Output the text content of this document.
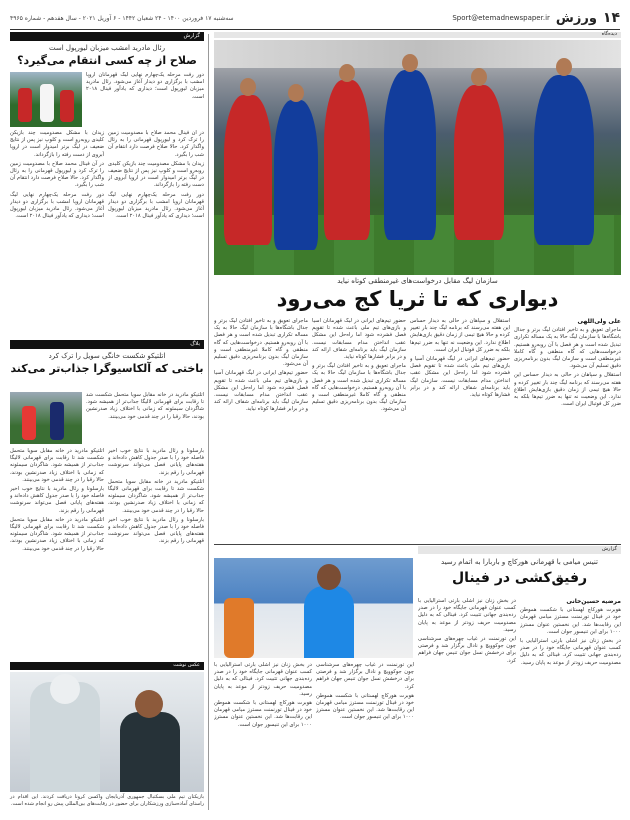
۱۴
ورزش
Sport@etemadnewspaper.ir
سه‌شنبه ۱۷ فروردین ۱۴۰۰ - ۲۴ شعبان ۱۴۴۲ - ۶ آوریل ۲۰۲۱ - سال هفدهم - شماره ۴۹۶۵
دیده‌گاه
سازمان لیگ مقابل درخواست‌های غیرمنطقی کوتاه نیاید
دیواری که تا ثریا کج می‌رود
علی ولی‌اللهی

ماجرای تعویق و به تاخیر افتادن لیگ برتر و جدال باشگاه‌ها با سازمان لیگ حالا به یک مساله تکراری تبدیل شده است و هر فصل با آن روبه‌رو هستیم. درخواست‌هایی که گاه منطقی و گاه کاملا غیرمنطقی است و سازمان لیگ بدون برنامه‌ریزی دقیق تسلیم آن می‌شود.

استقلال و سپاهان در حالی به دیدار حساس این هفته می‌رسند که برنامه لیگ چند بار تغییر کرده و حالا هیچ تیمی از زمان دقیق بازی‌هایش اطلاع ندارد. این وضعیت نه تنها به ضرر تیم‌ها بلکه به ضرر کل فوتبال ایران است.

استقلال و سپاهان در حالی به دیدار حساس این هفته می‌رسند که برنامه لیگ چند بار تغییر کرده و حالا هیچ تیمی از زمان دقیق بازی‌هایش اطلاع ندارد. این وضعیت نه تنها به ضرر تیم‌ها بلکه به ضرر کل فوتبال ایران است.

حضور تیم‌های ایرانی در لیگ قهرمانان آسیا و بازی‌های تیم ملی باعث شده تا تقویم فصل فشرده شود اما راه‌حل این مشکل عقب انداختن مدام مسابقات نیست. سازمان لیگ باید برنامه‌ای شفاف ارائه کند و در برابر فشارها کوتاه نیاید.

حضور تیم‌های ایرانی در لیگ قهرمانان آسیا و بازی‌های تیم ملی باعث شده تا تقویم فصل فشرده شود اما راه‌حل این مشکل عقب انداختن مدام مسابقات نیست. سازمان لیگ باید برنامه‌ای شفاف ارائه کند و در برابر فشارها کوتاه نیاید.

ماجرای تعویق و به تاخیر افتادن لیگ برتر و جدال باشگاه‌ها با سازمان لیگ حالا به یک مساله تکراری تبدیل شده است و هر فصل با آن روبه‌رو هستیم. درخواست‌هایی که گاه منطقی و گاه کاملا غیرمنطقی است و سازمان لیگ بدون برنامه‌ریزی دقیق تسلیم آن می‌شود.

ماجرای تعویق و به تاخیر افتادن لیگ برتر و جدال باشگاه‌ها با سازمان لیگ حالا به یک مساله تکراری تبدیل شده است و هر فصل با آن روبه‌رو هستیم. درخواست‌هایی که گاه منطقی و گاه کاملا غیرمنطقی است و سازمان لیگ بدون برنامه‌ریزی دقیق تسلیم آن می‌شود.

حضور تیم‌های ایرانی در لیگ قهرمانان آسیا و بازی‌های تیم ملی باعث شده تا تقویم فصل فشرده شود اما راه‌حل این مشکل عقب انداختن مدام مسابقات نیست. سازمان لیگ باید برنامه‌ای شفاف ارائه کند و در برابر فشارها کوتاه نیاید.

گزارش
تنیس میامی با قهرمانی هورکاچ و باربارا به اتمام رسید
رفیق‌کشی در فینال
مرضیه حسین‌خانی

هوبرت هورکاچ لهستانی با شکست هموطن خود در فینال تورنمنت مسترز میامی قهرمان این رقابت‌ها شد. این نخستین عنوان مسترز ۱۰۰۰ برای این تنیسور جوان است.

در بخش زنان نیز اشلی بارتی استرالیایی با کسب عنوان قهرمانی جایگاه خود را در صدر رده‌بندی جهانی تثبیت کرد. فینالی که به دلیل مصدومیت حریف زودتر از موعد به پایان رسید.

در بخش زنان نیز اشلی بارتی استرالیایی با کسب عنوان قهرمانی جایگاه خود را در صدر رده‌بندی جهانی تثبیت کرد. فینالی که به دلیل مصدومیت حریف زودتر از موعد به پایان رسید.

این تورنمنت در غیاب چهره‌های سرشناسی چون جوکوویچ و نادال برگزار شد و فرصتی برای درخشش نسل جوان تنیس جهان فراهم کرد.

این تورنمنت در غیاب چهره‌های سرشناسی چون جوکوویچ و نادال برگزار شد و فرصتی برای درخشش نسل جوان تنیس جهان فراهم کرد.

هوبرت هورکاچ لهستانی با شکست هموطن خود در فینال تورنمنت مسترز میامی قهرمان این رقابت‌ها شد. این نخستین عنوان مسترز ۱۰۰۰ برای این تنیسور جوان است.

در بخش زنان نیز اشلی بارتی استرالیایی با کسب عنوان قهرمانی جایگاه خود را در صدر رده‌بندی جهانی تثبیت کرد. فینالی که به دلیل مصدومیت حریف زودتر از موعد به پایان رسید.

هوبرت هورکاچ لهستانی با شکست هموطن خود در فینال تورنمنت مسترز میامی قهرمان این رقابت‌ها شد. این نخستین عنوان مسترز ۱۰۰۰ برای این تنیسور جوان است.

گزارش
رئال مادرید امشب میزبان لیورپول است
صلاح از چه کسی انتقام می‌گیرد؟

دور رفت مرحله یک‌چهارم نهایی لیگ قهرمانان اروپا امشب با برگزاری دو دیدار آغاز می‌شود. رئال مادرید میزبان لیورپول است؛ دیداری که یادآور فینال ۲۰۱۸ است.

در آن فینال محمد صلاح با مصدومیت زمین را ترک کرد و لیورپول قهرمانی را به رئال واگذار کرد. حالا صلاح فرصت دارد انتقام آن شب را بگیرد.

زیدان با مشکل مصدومیت چند بازیکن کلیدی روبه‌رو است و کلوپ نیز پس از نتایج ضعیف در لیگ برتر امیدوار است در اروپا آبروی از دست رفته را بازگرداند.

دور رفت مرحله یک‌چهارم نهایی لیگ قهرمانان اروپا امشب با برگزاری دو دیدار آغاز می‌شود. رئال مادرید میزبان لیورپول است؛ دیداری که یادآور فینال ۲۰۱۸ است.

زیدان با مشکل مصدومیت چند بازیکن کلیدی روبه‌رو است و کلوپ نیز پس از نتایج ضعیف در لیگ برتر امیدوار است در اروپا آبروی از دست رفته را بازگرداند.

در آن فینال محمد صلاح با مصدومیت زمین را ترک کرد و لیورپول قهرمانی را به رئال واگذار کرد. حالا صلاح فرصت دارد انتقام آن شب را بگیرد.

دور رفت مرحله یک‌چهارم نهایی لیگ قهرمانان اروپا امشب با برگزاری دو دیدار آغاز می‌شود. رئال مادرید میزبان لیورپول است؛ دیداری که یادآور فینال ۲۰۱۸ است.

بلاگ
اتلتیکو شکست خانگی سویل را ترک کرد
باختی که آلکاسیوگرا جذاب‌تر می‌کند

اتلتیکو مادرید در خانه مقابل سویا متحمل شکست شد تا رقابت برای قهرمانی لالیگا جذاب‌تر از همیشه شود. شاگردان سیمئونه که زمانی با اختلاف زیاد صدرنشین بودند، حالا رقبا را در چند قدمی خود می‌بینند.

بارسلونا و رئال مادرید با نتایج خوب اخیر فاصله خود را با صدر جدول کاهش داده‌اند و هفته‌های پایانی فصل می‌تواند سرنوشت قهرمانی را رقم بزند.

اتلتیکو مادرید در خانه مقابل سویا متحمل شکست شد تا رقابت برای قهرمانی لالیگا جذاب‌تر از همیشه شود. شاگردان سیمئونه که زمانی با اختلاف زیاد صدرنشین بودند، حالا رقبا را در چند قدمی خود می‌بینند.

بارسلونا و رئال مادرید با نتایج خوب اخیر فاصله خود را با صدر جدول کاهش داده‌اند و هفته‌های پایانی فصل می‌تواند سرنوشت قهرمانی را رقم بزند.

اتلتیکو مادرید در خانه مقابل سویا متحمل شکست شد تا رقابت برای قهرمانی لالیگا جذاب‌تر از همیشه شود. شاگردان سیمئونه که زمانی با اختلاف زیاد صدرنشین بودند، حالا رقبا را در چند قدمی خود می‌بینند.

بارسلونا و رئال مادرید با نتایج خوب اخیر فاصله خود را با صدر جدول کاهش داده‌اند و هفته‌های پایانی فصل می‌تواند سرنوشت قهرمانی را رقم بزند.

اتلتیکو مادرید در خانه مقابل سویا متحمل شکست شد تا رقابت برای قهرمانی لالیگا جذاب‌تر از همیشه شود. شاگردان سیمئونه که زمانی با اختلاف زیاد صدرنشین بودند، حالا رقبا را در چند قدمی خود می‌بینند.

عکس نوشت
بازیکنان تیم ملی بسکتبال جمهوری آذربایجان واکسن کرونا دریافت کردند. این اقدام در راستای آماده‌سازی ورزشکاران برای حضور در رقابت‌های بین‌المللی پیش رو انجام شده است.
